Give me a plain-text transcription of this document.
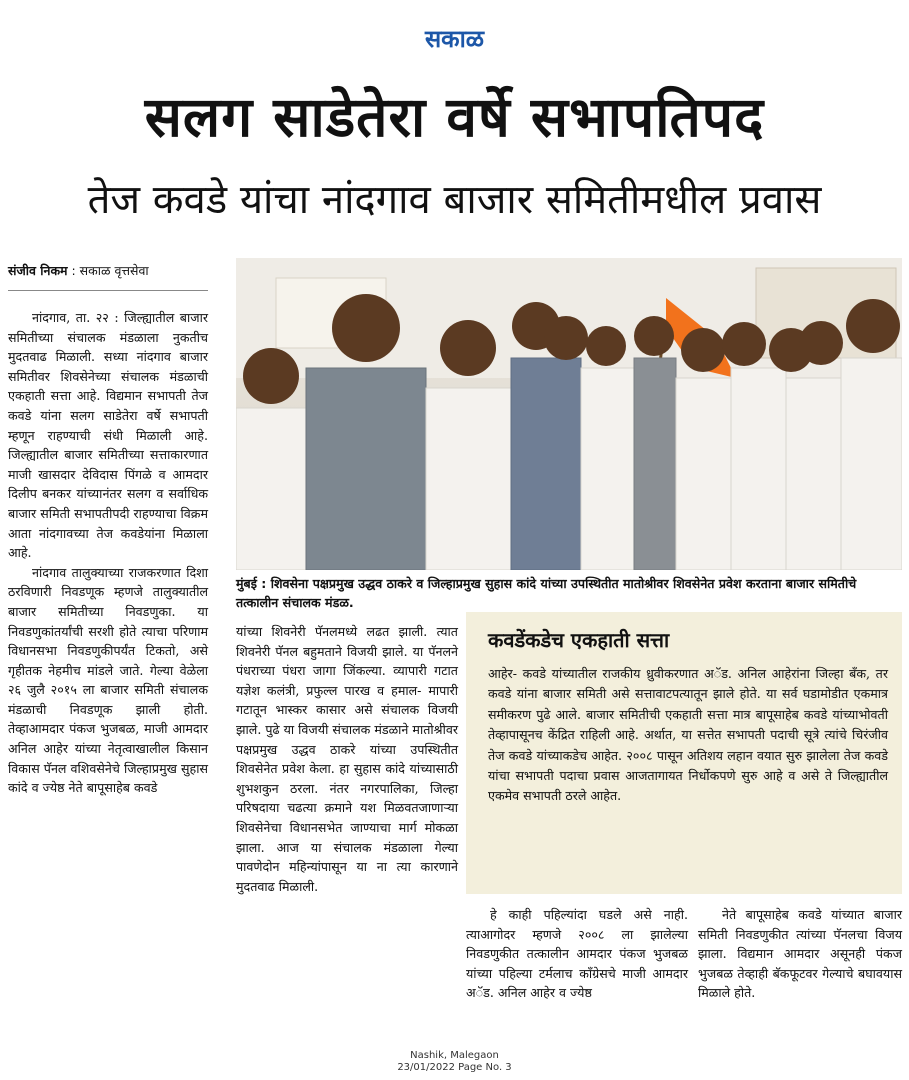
सकाळ
सलग साडेतेरा वर्षे सभापतिपद
तेज कवडे यांचा नांदगाव बाजार समितीमधील प्रवास
संजीव निकम : सकाळ वृत्तसेवा

नांदगाव, ता. २२ : जिल्ह्यातील बाजार समितीच्या संचालक मंडळाला नुकतीच मुदतवाढ मिळाली. सध्या नांदगाव बाजार समितीवर शिवसेनेच्या संचालक मंडळाची एकहाती सत्ता आहे. विद्यमान सभापती तेज कवडे यांना सलग साडेतेरा वर्षे सभापती म्हणून राहण्याची संधी मिळाली आहे. जिल्ह्यातील बाजार समितीच्या सत्ताकारणात माजी खासदार देविदास पिंगळे व आमदार दिलीप बनकर यांच्यानंतर सलग व सर्वाधिक बाजार समिती सभापतीपदी राहण्याचा विक्रम आता नांदगावच्या तेज कवडेयांना मिळाला आहे.

नांदगाव तालुक्याच्या राजकरणात दिशा ठरविणारी निवडणूक म्हणजे तालुक्यातील बाजार समितीच्या निवडणुका. या निवडणुकांतर्यांची सरशी होते त्याचा परिणाम विधानसभा निवडणुकीपर्यंत टिकतो, असे गृहीतक नेहमीच मांडले जाते. गेल्या वेळेला २६ जुलै २०१५ ला बाजार समिती संचालक मंडळाची निवडणूक झाली होती. तेव्हाआमदार पंकज भुजबळ, माजी आमदार अनिल आहेर यांच्या नेतृत्वाखालील किसान विकास पॅनल वशिवसेनेचे जिल्हाप्रमुख सुहास कांदे व ज्येष्ठ नेते बापूसाहेब कवडे

मुंबई : शिवसेना पक्षप्रमुख उद्धव ठाकरे व जिल्हाप्रमुख सुहास कांदे यांच्या उपस्थितीत मातोश्रीवर शिवसेनेत प्रवेश करताना बाजार समितीचे तत्कालीन संचालक मंडळ.

यांच्या शिवनेरी पॅनलमध्ये लढत झाली. त्यात शिवनेरी पॅनल बहुमताने विजयी झाले. या पॅनलने पंधराच्या पंधरा जागा जिंकल्या. व्यापारी गटात यज्ञेश कलंत्री, प्रफुल्ल पारख व हमाल- मापारी गटातून भास्कर कासार असे संचालक विजयी झाले. पुढे या विजयी संचालक मंडळाने मातोश्रीवर पक्षप्रमुख उद्धव ठाकरे यांच्या उपस्थितीत शिवसेनेत प्रवेश केला. हा सुहास कांदे यांच्यासाठी शुभशकुन ठरला. नंतर नगरपालिका, जिल्हा परिषदाया चढत्या क्रमाने यश मिळवतजाणाऱ्या शिवसेनेचा विधानसभेत जाण्याचा मार्ग मोकळा झाला. आज या संचालक मंडळाला गेल्या पावणेदोन महिन्यांपासून या ना त्या कारणाने मुदतवाढ मिळाली.

कवडेंकडेच एकहाती सत्ता
आहेर- कवडे यांच्यातील राजकीय ध्रुवीकरणात अॅड. अनिल आहेरांना जिल्हा बँक, तर कवडे यांना बाजार समिती असे सत्तावाटपत्यातून झाले होते. या सर्व घडामोडीत एकमात्र समीकरण पुढे आले. बाजार समितीची एकहाती सत्ता मात्र बापूसाहेब कवडे यांच्याभोवती तेव्हापासूनच केंद्रित राहिली आहे. अर्थात, या सत्तेत सभापती पदाची सूत्रे त्यांचे चिरंजीव तेज कवडे यांच्याकडेच आहेत. २००८ पासून अतिशय लहान वयात सुरु झालेला तेज कवडे यांचा सभापती पदाचा प्रवास आजतागायत निर्धोकपणे सुरु आहे व असे ते जिल्ह्यातील एकमेव सभापती ठरले आहेत.

हे काही पहिल्यांदा घडले असे नाही. त्याआगोदर म्हणजे २००८ ला झालेल्या निवडणुकीत तत्कालीन आमदार पंकज भुजबळ यांच्या पहिल्या टर्मलाच काँग्रेसचे माजी आमदार अॅड. अनिल आहेर व ज्येष्ठ

नेते बापूसाहेब कवडे यांच्यात बाजार समिती निवडणुकीत त्यांच्या पॅनलचा विजय झाला. विद्यमान आमदार असूनही पंकज भुजबळ तेव्हाही बॅकफूटवर गेल्याचे बघावयास मिळाले होते.

Nashik, Malegaon
23/01/2022 Page No. 3
